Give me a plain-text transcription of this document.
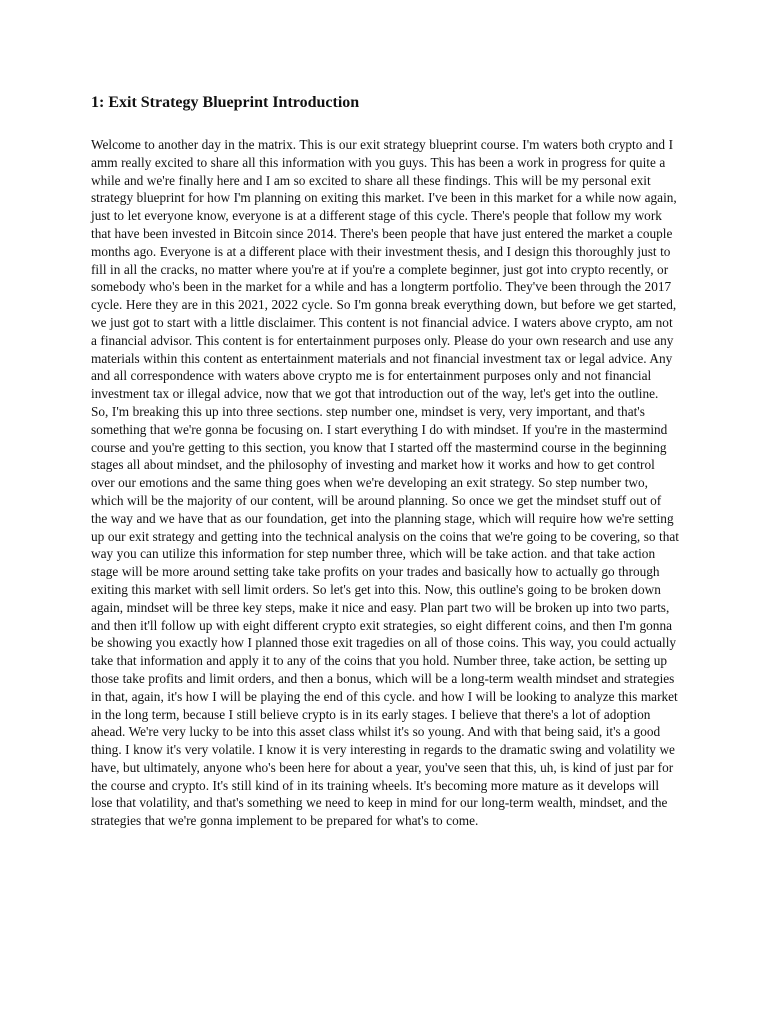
1: Exit Strategy Blueprint Introduction

Welcome to another day in the matrix. This is our exit strategy blueprint course. I'm waters both crypto and I amm really excited to share all this information with you guys. This has been a work in progress for quite a while and we're finally here and I am so excited to share all these findings. This will be my personal exit strategy blueprint for how I'm planning on exiting this market. I've been in this market for a while now again, just to let everyone know, everyone is at a different stage of this cycle. There's people that follow my work that have been invested in Bitcoin since 2014. There's been people that have just entered the market a couple months ago. Everyone is at a different place with their investment thesis, and I design this thoroughly just to fill in all the cracks, no matter where you're at if you're a complete beginner, just got into crypto recently, or somebody who's been in the market for a while and has a longterm portfolio. They've been through the 2017 cycle. Here they are in this 2021, 2022 cycle. So I'm gonna break everything down, but before we get started, we just got to start with a little disclaimer. This content is not financial advice. I waters above crypto, am not a financial advisor. This content is for entertainment purposes only. Please do your own research and use any materials within this content as entertainment materials and not financial investment tax or legal advice. Any and all correspondence with waters above crypto me is for entertainment purposes only and not financial investment tax or illegal advice, now that we got that introduction out of the way, let's get into the outline. So, I'm breaking this up into three sections. step number one, mindset is very, very important, and that's something that we're gonna be focusing on. I start everything I do with mindset. If you're in the mastermind course and you're getting to this section, you know that I started off the mastermind course in the beginning stages all about mindset, and the philosophy of investing and market how it works and how to get control over our emotions and the same thing goes when we're developing an exit strategy. So step number two, which will be the majority of our content, will be around planning. So once we get the mindset stuff out of the way and we have that as our foundation, get into the planning stage, which will require how we're setting up our exit strategy and getting into the technical analysis on the coins that we're going to be covering, so that way you can utilize this information for step number three, which will be take action. and that take action stage will be more around setting take take profits on your trades and basically how to actually go through exiting this market with sell limit orders. So let's get into this. Now, this outline's going to be broken down again, mindset will be three key steps, make it nice and easy. Plan part two will be broken up into two parts, and then it'll follow up with eight different crypto exit strategies, so eight different coins, and then I'm gonna be showing you exactly how I planned those exit tragedies on all of those coins. This way, you could actually take that information and apply it to any of the coins that you hold. Number three, take action, be setting up those take profits and limit orders, and then a bonus, which will be a long-term wealth mindset and strategies in that, again, it's how I will be playing the end of this cycle. and how I will be looking to analyze this market in the long term, because I still believe crypto is in its early stages. I believe that there's a lot of adoption ahead. We're very lucky to be into this asset class whilst it's so young. And with that being said, it's a good thing. I know it's very volatile. I know it is very interesting in regards to the dramatic swing and volatility we have, but ultimately, anyone who's been here for about a year, you've seen that this, uh, is kind of just par for the course and crypto. It's still kind of in its training wheels. It's becoming more mature as it develops will lose that volatility, and that's something we need to keep in mind for our long-term wealth, mindset, and the strategies that we're gonna implement to be prepared for what's to come.
